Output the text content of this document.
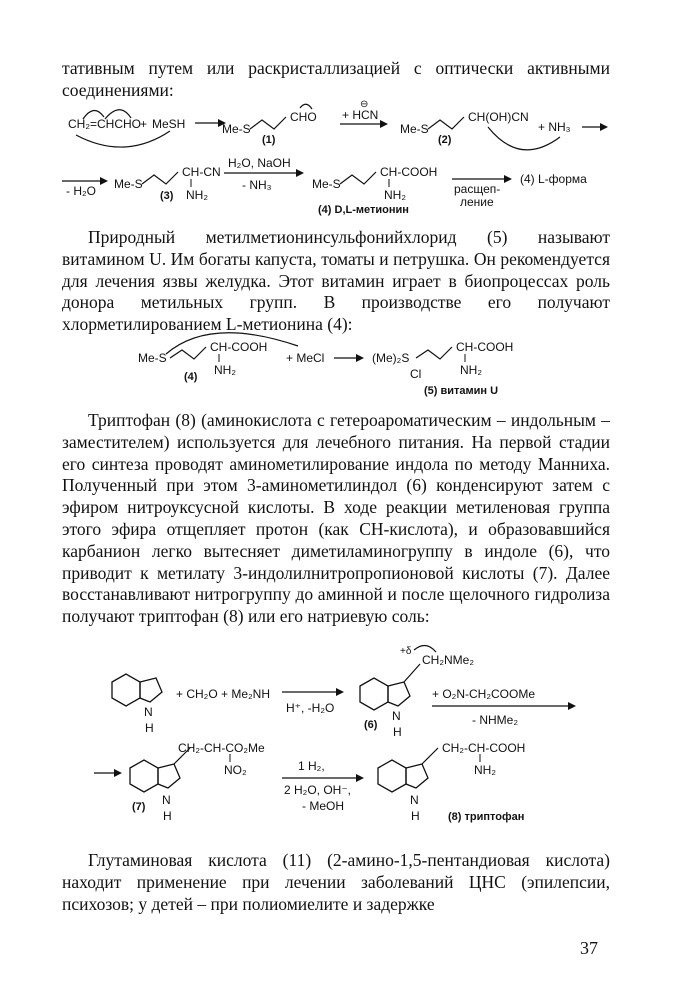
тативным путем или раскристаллизацией с оптически активными соединениями:

CH₂=CHCHO + MeSH	Me-S
CHO
(1)
⊖
+ HCN
Me-S
CH(OH)CN
(2)
+ NH₃
- H₂O Me-S
CH-CN
NH₂
(3)
H₂O, NaOH
- NH₃	Me-S
CH-COOH
NH₂
(4) D,L-метионин
расщеп-
ление
(4) L-форма

Природный метилметионинсульфонийхлорид (5) называют витамином U. Им богаты капуста, томаты и петрушка. Он рекомендуется для лечения язвы желудка. Этот витамин играет в биопроцессах роль донора метильных групп. В производстве его получают хлорметилированием L-метионина (4):

Me-S
CH-COOH
NH₂
(4)
+ MeCl	(Me)₂S
Cl
CH-COOH
NH₂
(5) витамин U

Триптофан (8) (аминокислота с гетероароматическим – индольным – заместителем) используется для лечебного питания. На первой стадии его синтеза проводят аминометилирование индола по методу Манниха. Полученный при этом 3-аминометилиндол (6) конденсируют затем с эфиром нитроуксусной кислоты. В ходе реакции метиленовая группа этого эфира отщепляет протон (как CH-кислота), и образовавшийся карбанион легко вытесняет диметиламиногруппу в индоле (6), что приводит к метилату 3-индолилнитропропионовой кислоты (7). Далее восстанавливают нитрогруппу до аминной и после щелочного гидролиза получают триптофан (8) или его натриевую соль:

N
H
+ CH₂O + Me₂NH
H⁺, -H₂O
N
H
+δ
CH₂NMe₂
(6)
+ O₂N-CH₂COOMe
- NHMe₂
N
H
CH₂-CH-CO₂Me
NO₂
(7)
1 H₂,
2 H₂O, OH⁻,
- MeOH	N
H
CH₂-CH-COOH
NH₂
(8) триптофан

Глутаминовая кислота (11) (2-амино-1,5-пентандиовая кислота) находит применение при лечении заболеваний ЦНС (эпилепсии, психозов; у детей – при полиомиелите и задержке

37
